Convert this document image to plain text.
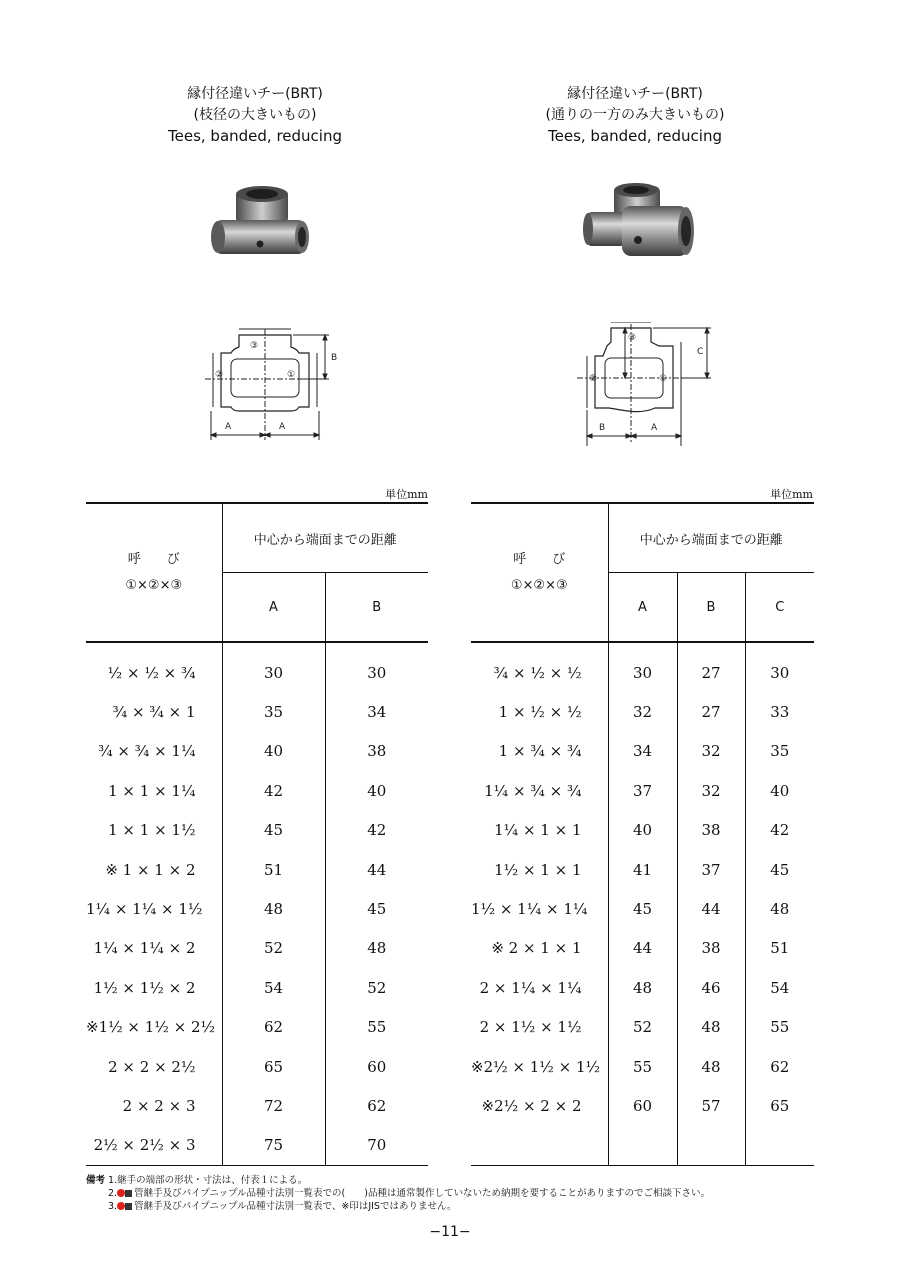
縁付径違いチー(BRT)
(枝径の大きいもの)
Tees, banded, reducing
縁付径違いチー(BRT)
(通りの一方のみ大きいもの)
Tees, banded, reducing
A	A
B
③
②	①
B	A
C
③
②	①
単位mm	単位mm
呼　　び
①×②×③	中心から端面までの距離	
	A	B
½ × ½ × ¾	30	30
¾ × ¾ × 1	35	34
¾ × ¾ × 1¼	40	38
1 × 1 × 1¼	42	40
1 × 1 × 1½	45	42
※ 1 × 1 × 2	51	44
1¼ × 1¼ × 1½	48	45
1¼ × 1¼ × 2	52	48
1½ × 1½ × 2	54	52
※1½ × 1½ × 2½	62	55
2 × 2 × 2½	65	60
2 × 2 × 3	72	62
2½ × 2½ × 3	75	70

呼　　び
①×②×③	中心から端面までの距離		
	A	B	C
¾ × ½ × ½	30	27	30
1 × ½ × ½	32	27	33
1 × ¾ × ¾	34	32	35
1¼ × ¾ × ¾	37	32	40
1¼ × 1 × 1	40	38	42
1½ × 1 × 1	41	37	45
1½ × 1¼ × 1¼	45	44	48
※ 2 × 1 × 1	44	38	51
2 × 1¼ × 1¼	48	46	54
2 × 1½ × 1½	52	48	55
※2½ × 1½ × 1½	55	48	62
※2½ × 2 × 2	60	57	65

備考 1.継手の端部の形状・寸法は、付表１による。
2. 管継手及びパイプニップル品種寸法別一覧表での(　　)品種は通常製作していないため納期を要することがありますのでご相談下さい。
3. 管継手及びパイプニップル品種寸法別一覧表で、※印はJISではありません。
−11−
